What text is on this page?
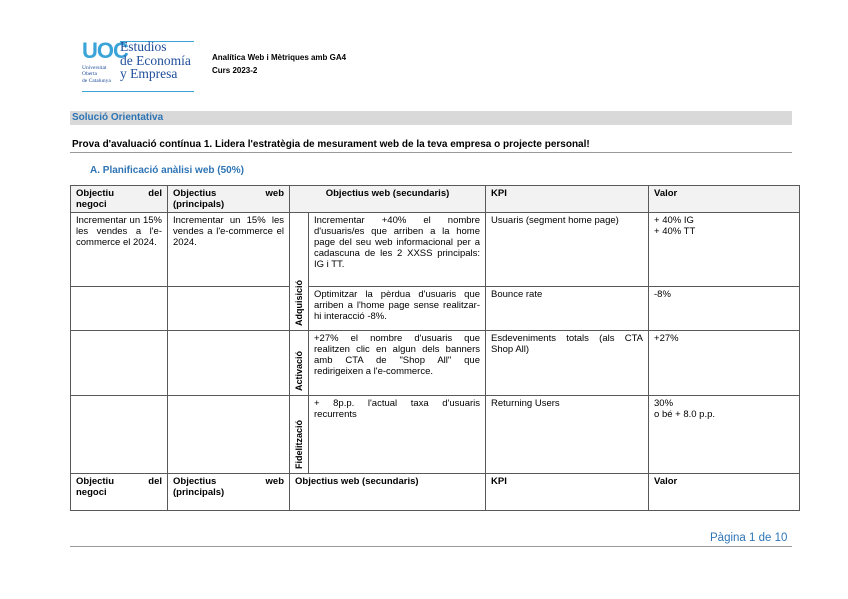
UOC
Estudios
de Economía
y Empresa
Universitat
Oberta
de Catalunya
Analítica Web i Mètriques amb GA4
Curs 2023-2
Solució Orientativa
Prova d'avaluació contínua 1. Lidera l'estratègia de mesurament web de la teva empresa o projecte personal!
A. Planificació anàlisi web (50%)
Objectiu del negoci	Objectius web (principals)	Objectius web (secundaris)		KPI	Valor
Incrementar un 15% les vendes a l'e-commerce el 2024.	Incrementar un 15% les vendes a l'e-commerce el 2024.	Adquisició	Incrementar +40% el nombre d'usuaris/es que arriben a la home page del seu web informacional per a cadascuna de les 2 XXSS principals: IG i TT.	Usuaris (segment home page)	+ 40% IG
+ 40% TT

			Optimitzar la pèrdua d'usuaris que arriben a l'home page sense realitzar-hi interacció -8%.	Bounce rate	-8%

		Activació	+27% el nombre d'usuaris que realitzen clic en algun dels banners amb CTA de "Shop All" que redirigeixen a l'e-commerce.	Esdeveniments totals (als CTA Shop All)	+27%

		Fidelització	+ 8p.p. l'actual taxa d'usuaris recurrents	Returning Users	30%
o bé + 8.0 p.p.

Objectiu del negoci	Objectius web (principals)	Objectius web (secundaris)		KPI	Valor
Pàgina 1 de 10
